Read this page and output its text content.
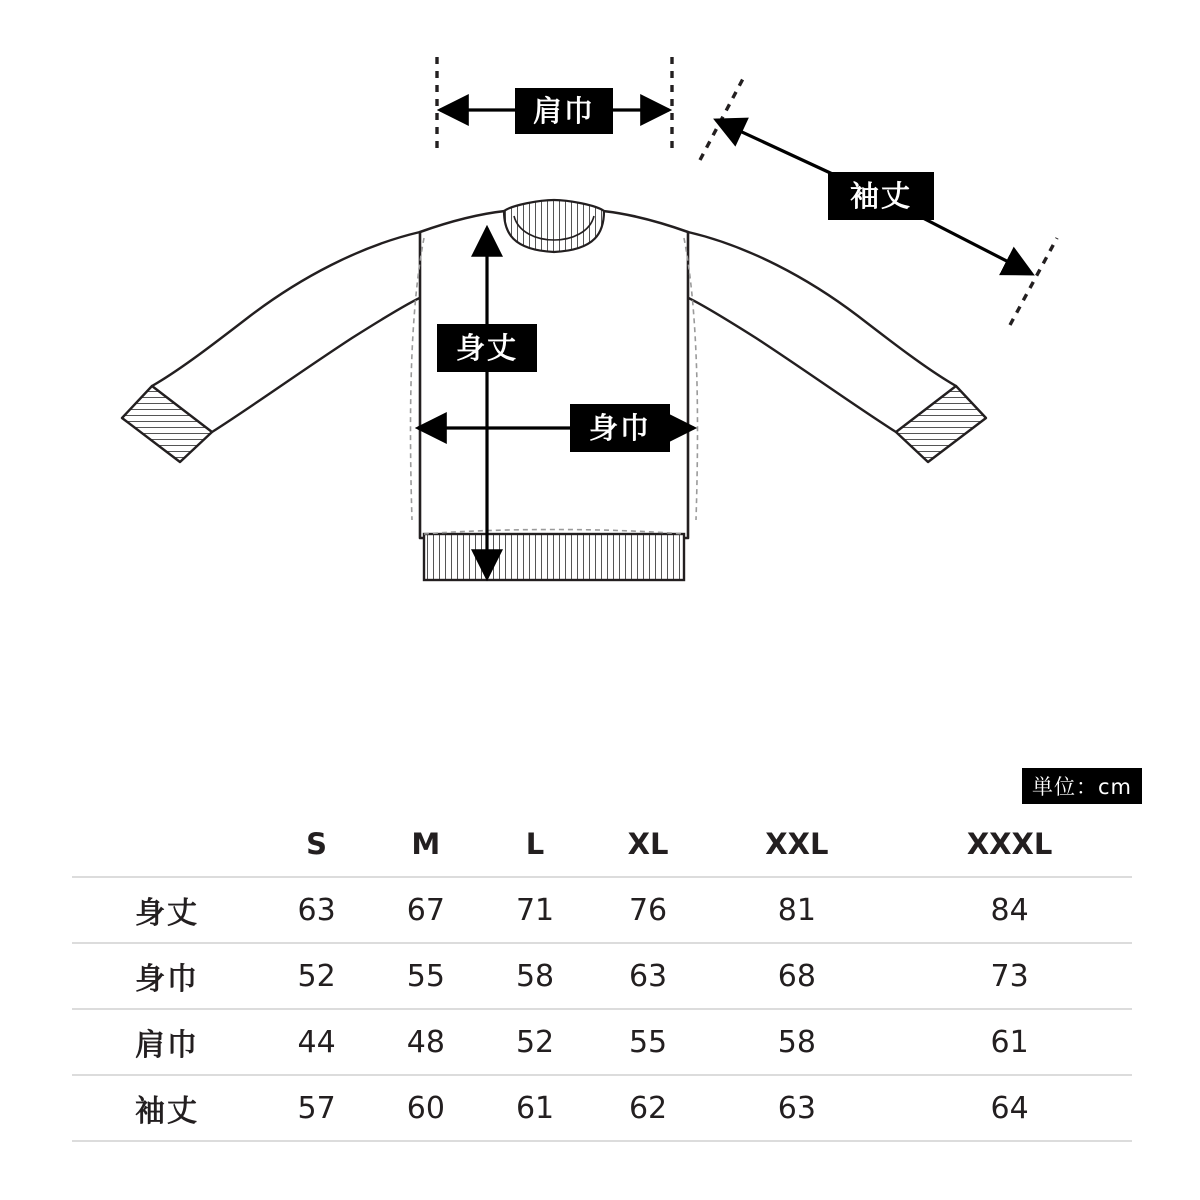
肩巾
袖丈
身丈
身巾
単位：cm
	S	M	L	XL	XXL	XXXL
身丈	63	67	71	76	81	84
身巾	52	55	58	63	68	73
肩巾	44	48	52	55	58	61
袖丈	57	60	61	62	63	64
